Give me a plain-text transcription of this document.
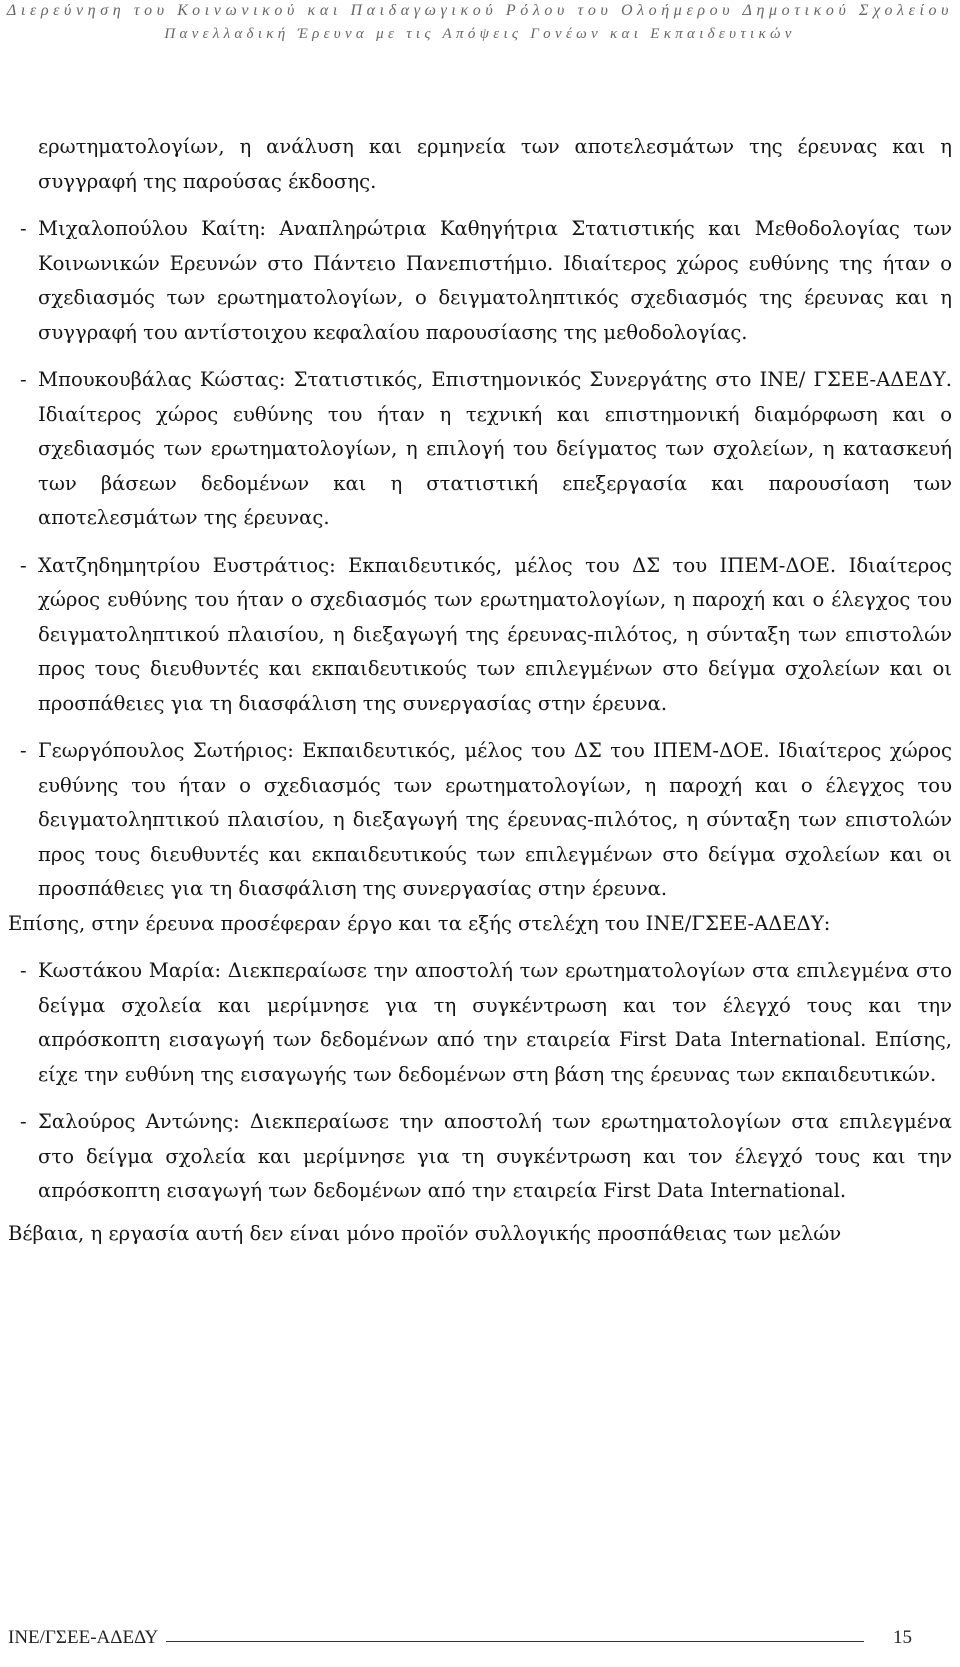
Διερεύνηση του Κοινωνικού και Παιδαγωγικού Ρόλου του Ολοήμερου Δημοτικού Σχολείου
Πανελλαδική Έρευνα με τις Απόψεις Γονέων και Εκπαιδευτικών

ερωτηματολογίων, η ανάλυση και ερμηνεία των αποτελεσμάτων της έρευνας και η συγγραφή της παρούσας έκδοσης.

- Μιχαλοπούλου Καίτη: Αναπληρώτρια Καθηγήτρια Στατιστικής και Μεθοδολογίας των Κοινωνικών Ερευνών στο Πάντειο Πανεπιστήμιο. Ιδιαίτερος χώρος ευθύνης της ήταν ο σχεδιασμός των ερωτηματολογίων, ο δειγματοληπτικός σχεδιασμός της έρευνας και η συγγραφή του αντίστοιχου κεφαλαίου παρουσίασης της μεθοδολογίας.

- Μπουκουβάλας Κώστας: Στατιστικός, Επιστημονικός Συνεργάτης στο ΙΝΕ/ ΓΣΕΕ-ΑΔΕΔΥ. Ιδιαίτερος χώρος ευθύνης του ήταν η τεχνική και επιστημονική διαμόρφωση και ο σχεδιασμός των ερωτηματολογίων, η επιλογή του δείγματος των σχολείων, η κατασκευή των βάσεων δεδομένων και η στατιστική επεξεργασία και παρουσίαση των αποτελεσμάτων της έρευνας.

- Χατζηδημητρίου Ευστράτιος: Εκπαιδευτικός, μέλος του ΔΣ του ΙΠΕΜ-ΔΟΕ. Ιδιαίτερος χώρος ευθύνης του ήταν ο σχεδιασμός των ερωτηματολογίων, η παροχή και ο έλεγχος του δειγματοληπτικού πλαισίου, η διεξαγωγή της έρευνας-πιλότος, η σύνταξη των επιστολών προς τους διευθυντές και εκπαιδευτικούς των επιλεγμένων στο δείγμα σχολείων και οι προσπάθειες για τη διασφάλιση της συνεργασίας στην έρευνα.

- Γεωργόπουλος Σωτήριος: Εκπαιδευτικός, μέλος του ΔΣ του ΙΠΕΜ-ΔΟΕ. Ιδιαίτερος χώρος ευθύνης του ήταν ο σχεδιασμός των ερωτηματολογίων, η παροχή και ο έλεγχος του δειγματοληπτικού πλαισίου, η διεξαγωγή της έρευνας-πιλότος, η σύνταξη των επιστολών προς τους διευθυντές και εκπαιδευτικούς των επιλεγμένων στο δείγμα σχολείων και οι προσπάθειες για τη διασφάλιση της συνεργασίας στην έρευνα.

Επίσης, στην έρευνα προσέφεραν έργο και τα εξής στελέχη του ΙΝΕ/ΓΣΕΕ-ΑΔΕΔΥ:

- Κωστάκου Μαρία: Διεκπεραίωσε την αποστολή των ερωτηματολογίων στα επιλεγμένα στο δείγμα σχολεία και μερίμνησε για τη συγκέντρωση και τον έλεγχό τους και την απρόσκοπτη εισαγωγή των δεδομένων από την εταιρεία First Data International. Επίσης, είχε την ευθύνη της εισαγωγής των δεδομένων στη βάση της έρευνας των εκπαιδευτικών.

- Σαλούρος Αντώνης: Διεκπεραίωσε την αποστολή των ερωτηματολογίων στα επιλεγμένα στο δείγμα σχολεία και μερίμνησε για τη συγκέντρωση και τον έλεγχό τους και την απρόσκοπτη εισαγωγή των δεδομένων από την εταιρεία First Data International.

Βέβαια, η εργασία αυτή δεν είναι μόνο προϊόν συλλογικής προσπάθειας των μελών

ΙΝΕ/ΓΣΕΕ-ΑΔΕΔΥ	15
